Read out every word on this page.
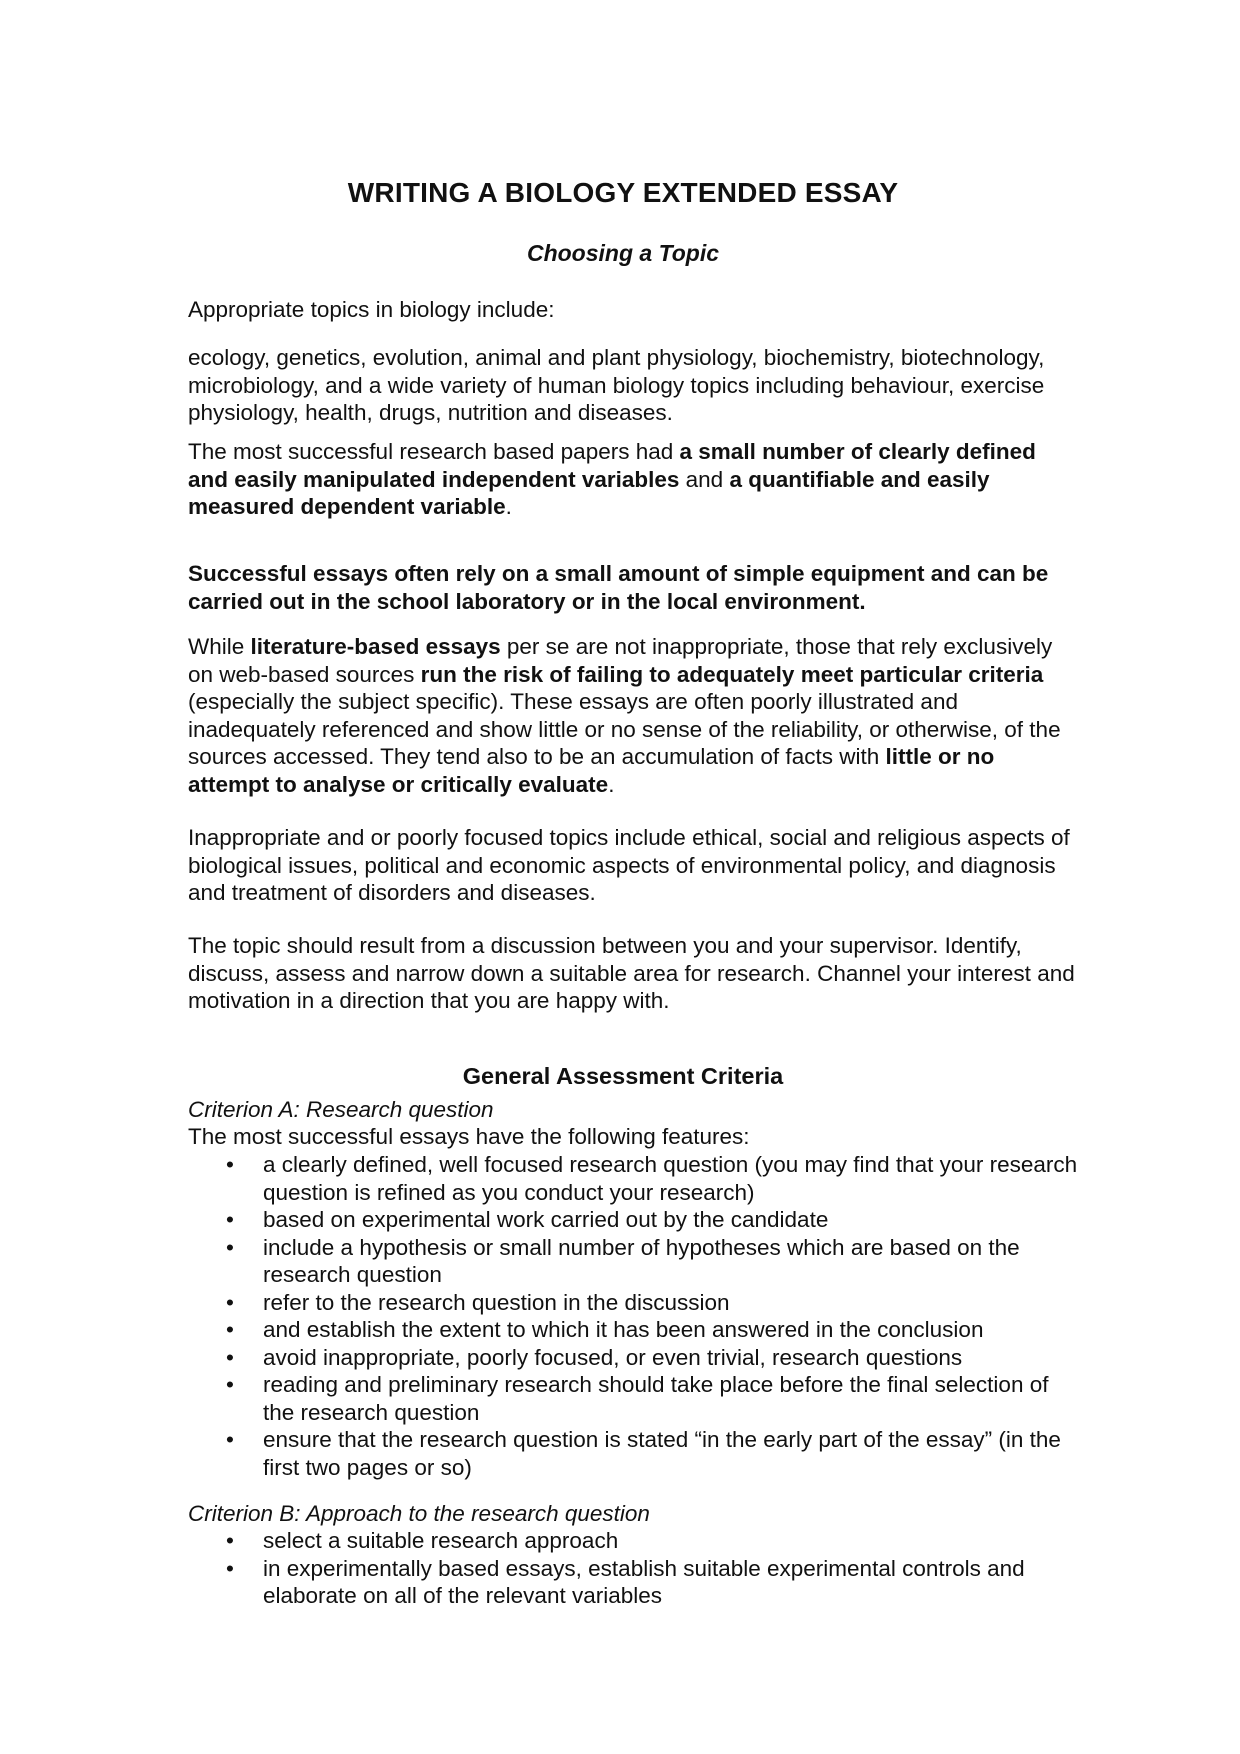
WRITING A BIOLOGY EXTENDED ESSAY
Choosing a Topic

Appropriate topics in biology include:

ecology, genetics, evolution, animal and plant physiology, biochemistry, biotechnology, microbiology, and a wide variety of human biology topics including behaviour, exercise physiology, health, drugs, nutrition and diseases.

The most successful research based papers had a small number of clearly defined and easily manipulated independent variables and a quantifiable and easily measured dependent variable.

Successful essays often rely on a small amount of simple equipment and can be carried out in the school laboratory or in the local environment.

While literature-based essays per se are not inappropriate, those that rely exclusively on web-based sources run the risk of failing to adequately meet particular criteria (especially the subject specific). These essays are often poorly illustrated and inadequately referenced and show little or no sense of the reliability, or otherwise, of the sources accessed. They tend also to be an accumulation of facts with little or no attempt to analyse or critically evaluate.

Inappropriate and or poorly focused topics include ethical, social and religious aspects of biological issues, political and economic aspects of environmental policy, and diagnosis and treatment of disorders and diseases.

The topic should result from a discussion between you and your supervisor. Identify, discuss, assess and narrow down a suitable area for research. Channel your interest and motivation in a direction that you are happy with.

General Assessment Criteria
Criterion A: Research question
The most successful essays have the following features:
• a clearly defined, well focused research question (you may find that your research question is refined as you conduct your research)
• based on experimental work carried out by the candidate
• include a hypothesis or small number of hypotheses which are based on the research question
• refer to the research question in the discussion
• and establish the extent to which it has been answered in the conclusion
• avoid inappropriate, poorly focused, or even trivial, research questions
• reading and preliminary research should take place before the final selection of the research question
• ensure that the research question is stated “in the early part of the essay” (in the first two pages or so)
Criterion B: Approach to the research question
• select a suitable research approach
• in experimentally based essays, establish suitable experimental controls and elaborate on all of the relevant variables
